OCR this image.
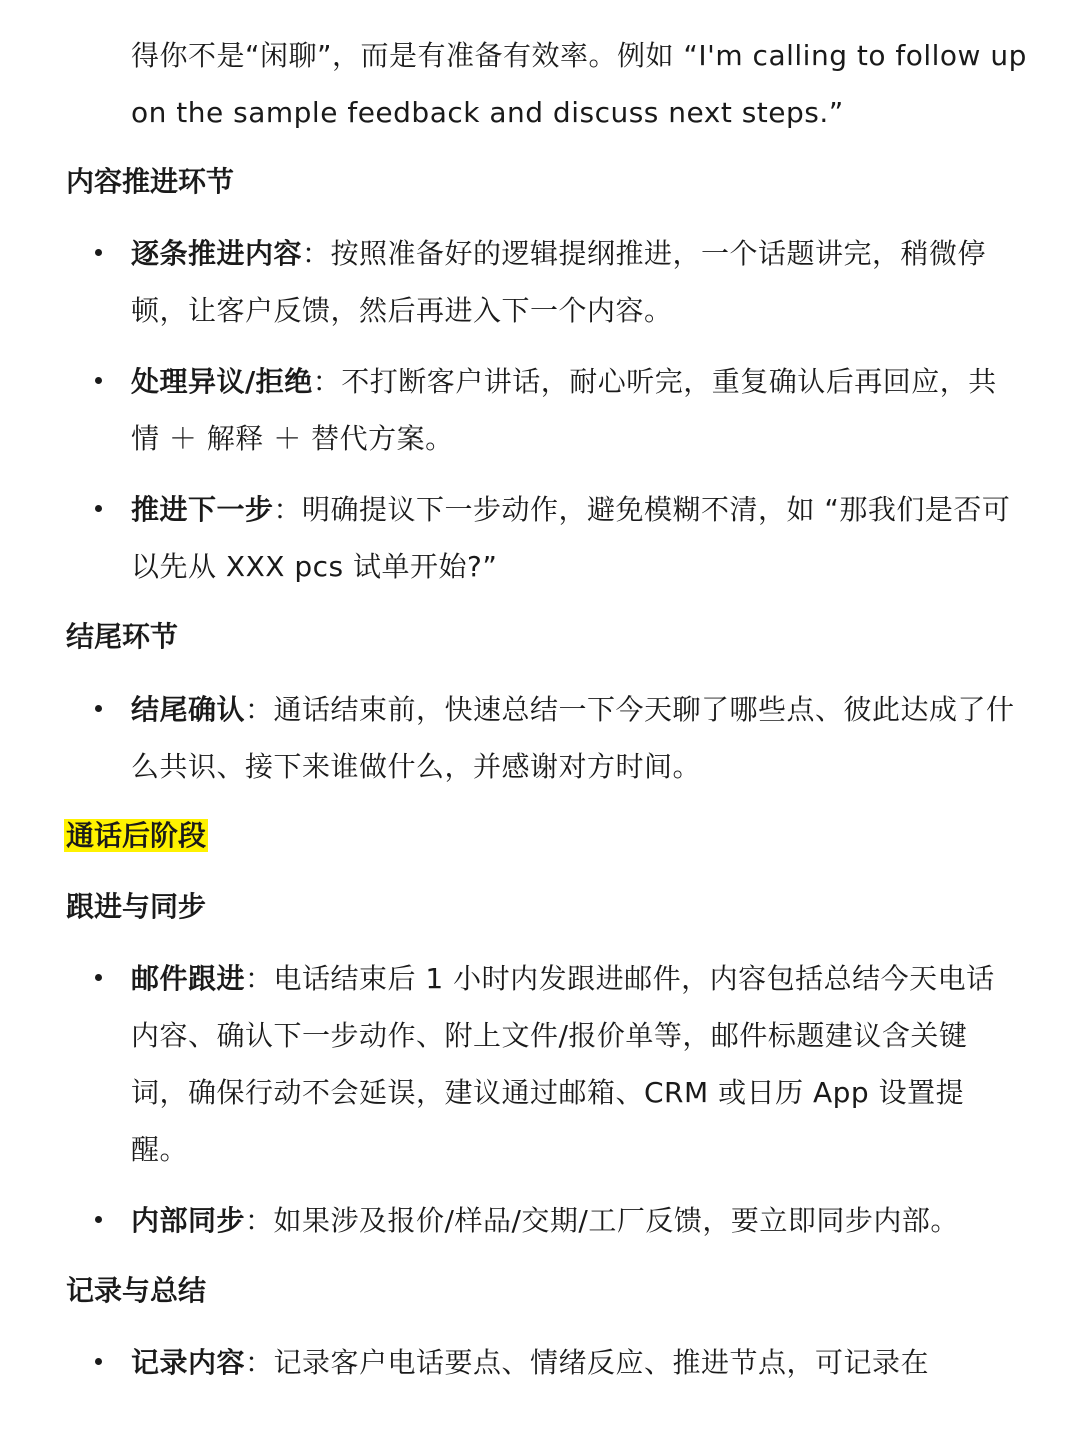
得你不是“闲聊”，而是有准备有效率。例如 “I'm calling to follow up
on the sample feedback and discuss next steps.”
内容推进环节
逐条推进内容：按照准备好的逻辑提纲推进，一个话题讲完，稍微停顿，让客户反馈，然后再进入下一个内容。
处理异议/拒绝：不打断客户讲话，耐心听完，重复确认后再回应，共情 ＋ 解释 ＋ 替代方案。
推进下一步：明确提议下一步动作，避免模糊不清，如 “那我们是否可以先从 XXX pcs 试单开始?”
结尾环节
结尾确认：通话结束前，快速总结一下今天聊了哪些点、彼此达成了什么共识、接下来谁做什么，并感谢对方时间。
通话后阶段
跟进与同步
邮件跟进：电话结束后 1 小时内发跟进邮件，内容包括总结今天电话内容、确认下一步动作、附上文件/报价单等，邮件标题建议含关键词，确保行动不会延误，建议通过邮箱、CRM 或日历 App 设置提醒。
内部同步：如果涉及报价/样品/交期/工厂反馈，要立即同步内部。
记录与总结
记录内容：记录客户电话要点、情绪反应、推进节点，可记录在
